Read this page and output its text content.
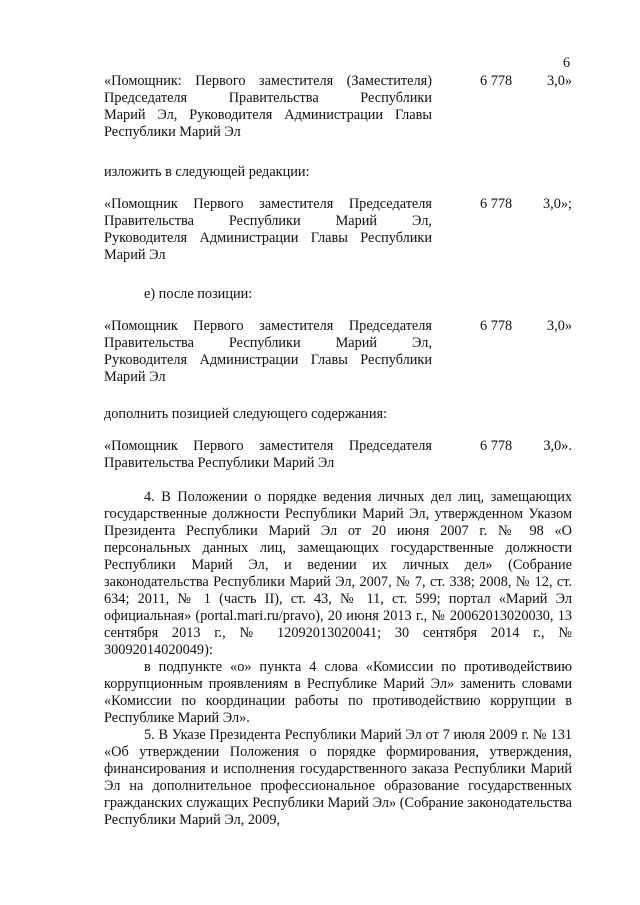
6
«Помощник: Первого заместителя (Заместителя)
Председателя Правительства Республики
Марий Эл, Руководителя Администрации Главы
Республики Марий Эл
6 778 3,0»
изложить в следующей редакции:
«Помощник Первого заместителя Председателя
Правительства Республики Марий Эл,
Руководителя Администрации Главы Республики
Марий Эл
6 778 3,0»;
е) после позиции:
«Помощник Первого заместителя Председателя
Правительства Республики Марий Эл,
Руководителя Администрации Главы Республики
Марий Эл
6 778 3,0»
дополнить позицией следующего содержания:
«Помощник Первого заместителя Председателя
Правительства Республики Марий Эл
6 778 3,0».

4. В Положении о порядке ведения личных дел лиц, замещающих государственные должности Республики Марий Эл, утвержденном Указом Президента Республики Марий Эл от 20 июня 2007 г. № 98 «О персональных данных лиц, замещающих государственные должности Республики Марий Эл, и ведении их личных дел» (Собрание законодательства Республики Марий Эл, 2007, № 7, ст. 338; 2008, № 12, ст. 634; 2011, № 1 (часть II), ст. 43, № 11, ст. 599; портал «Марий Эл официальная» (portal.mari.ru/pravo), 20 июня 2013 г., № 20062013020030, 13 сентября 2013 г., № 12092013020041; 30 сентября 2014 г., № 30092014020049):

в подпункте «о» пункта 4 слова «Комиссии по противодействию коррупционным проявлениям в Республике Марий Эл» заменить словами «Комиссии по координации работы по противодействию коррупции в Республике Марий Эл».

5. В Указе Президента Республики Марий Эл от 7 июля 2009 г. № 131 «Об утверждении Положения о порядке формирования, утверждения, финансирования и исполнения государственного заказа Республики Марий Эл на дополнительное профессиональное образование государственных гражданских служащих Республики Марий Эл» (Собрание законодательства Республики Марий Эл, 2009,
